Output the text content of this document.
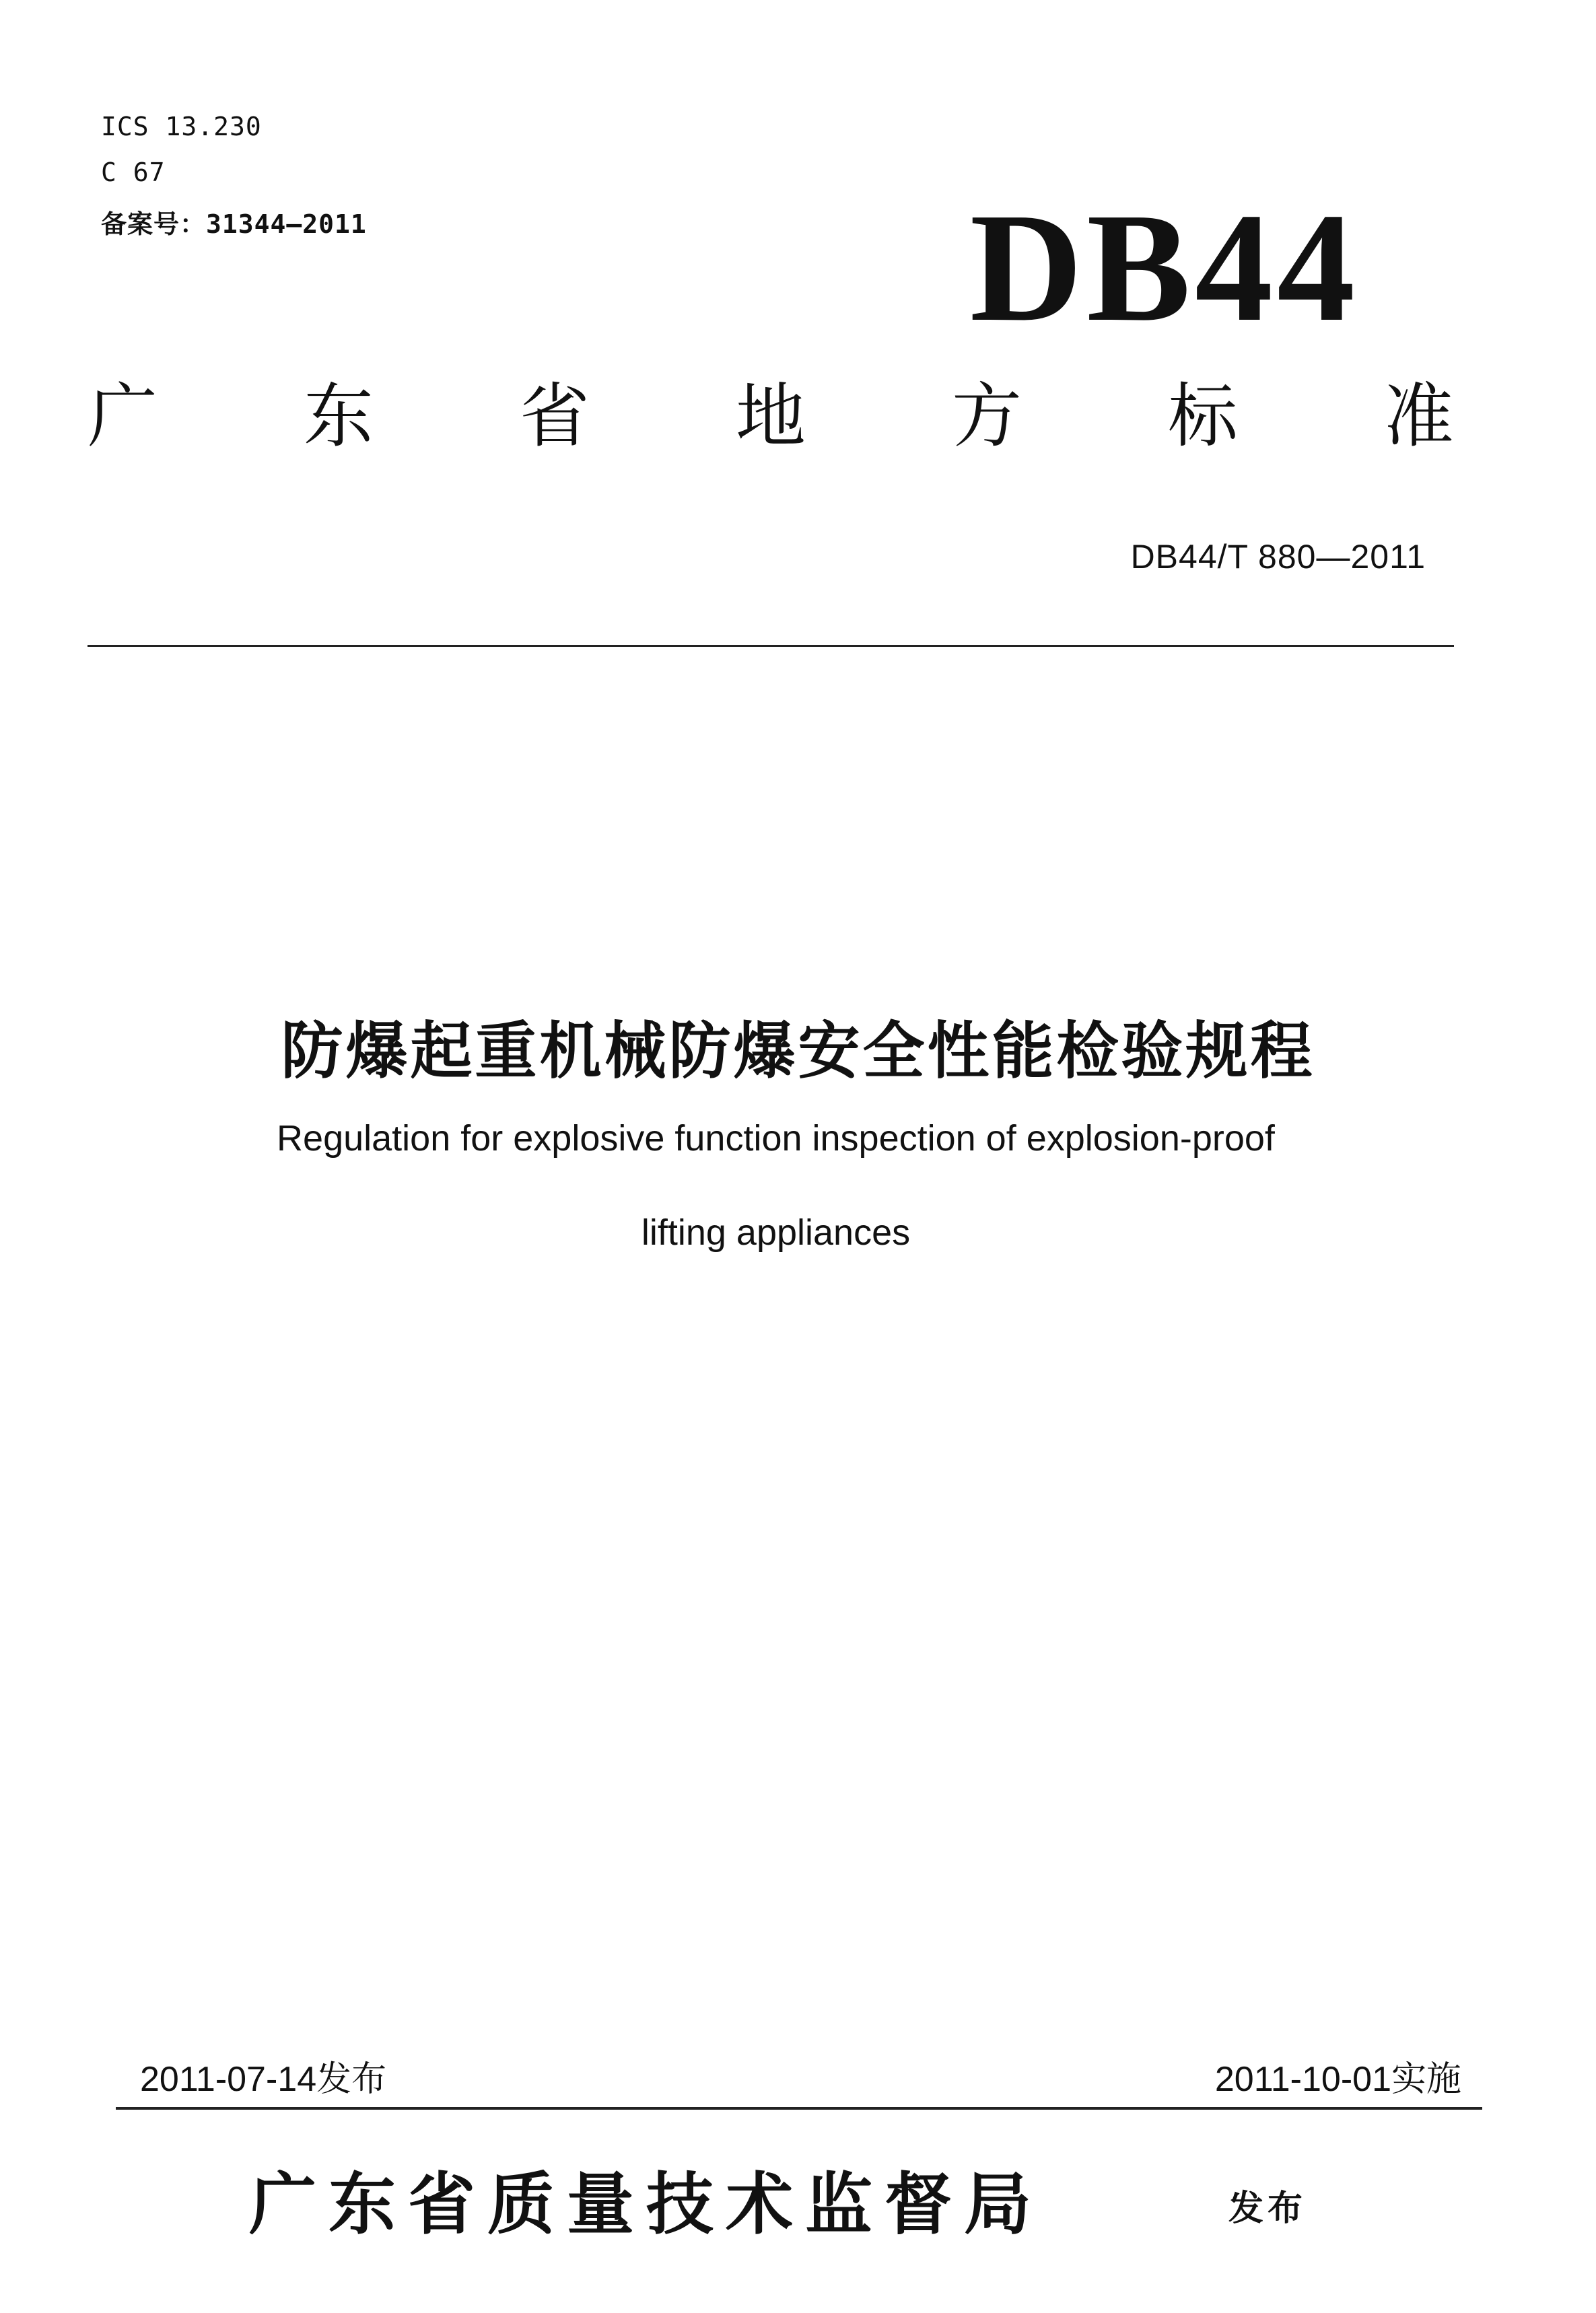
ICS 13.230
C 67
备案号：31344—2011	DB44
广 东 省 地 方 标 准
DB44/T 880—2011
防爆起重机械防爆安全性能检验规程
Regulation for explosive function inspection of explosion-proof
lifting appliances
2011-07-14发布	2011-10-01实施
广东省质量技术监督局	发布
